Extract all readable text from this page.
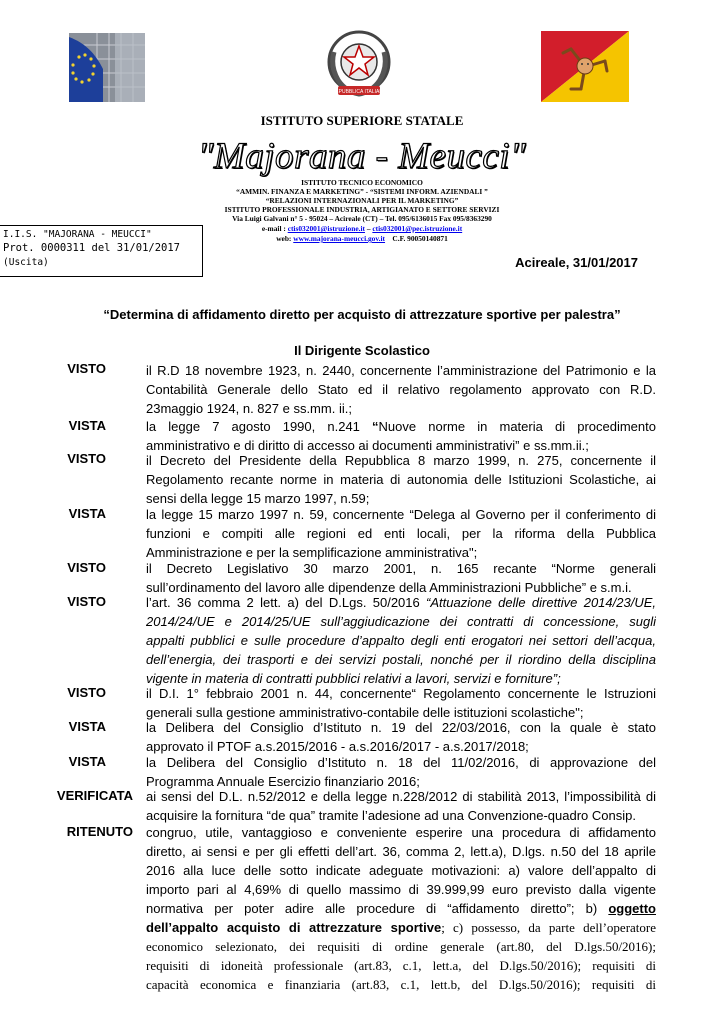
REPUBBLICA ITALIANA
ISTITUTO SUPERIORE STATALE
"Majorana - Meucci"
ISTITUTO TECNICO ECONOMICO
“AMMIN. FINANZA E MARKETING” - “SISTEMI INFORM. AZIENDALI ”
“RELAZIONI INTERNAZIONALI PER IL MARKETING”
ISTITUTO PROFESSIONALE INDUSTRIA, ARTIGIANATO E SETTORE SERVIZI
Via Luigi Galvani n° 5 - 95024 – Acireale (CT) – Tel. 095/6136015 Fax 095/8363290
e-mail : ctis032001@istruzione.it – ctis032001@pec.istruzione.it
web: www.majorana-meucci.gov.it C.F. 90050140871
I.I.S. "MAJORANA - MEUCCI"
Prot. 0000311 del 31/01/2017
(Uscita)	Acireale, 31/01/2017
“Determina di affidamento diretto per acquisto di attrezzature sportive per palestra”
Il Dirigente Scolastico
VISTO
VISTA
VISTO
VISTA
VISTO
VISTO
VISTO
VISTA
VISTA
VERIFICATA
RITENUTO
il R.D 18 novembre 1923, n. 2440, concernente l’amministrazione del Patrimonio e la
Contabilità Generale dello Stato ed il relativo regolamento approvato con R.D.
23maggio 1924, n. 827 e ss.mm. ii.;
la legge 7 agosto 1990, n.241 “Nuove norme in materia di procedimento
amministrativo e di diritto di accesso ai documenti amministrativi” e ss.mm.ii.;
il Decreto del Presidente della Repubblica 8 marzo 1999, n. 275, concernente il
Regolamento recante norme in materia di autonomia delle Istituzioni Scolastiche, ai
sensi della legge 15 marzo 1997, n.59;
la legge 15 marzo 1997 n. 59, concernente “Delega al Governo per il conferimento di
funzioni e compiti alle regioni ed enti locali, per la riforma della Pubblica
Amministrazione e per la semplificazione amministrativa";
il Decreto Legislativo 30 marzo 2001, n. 165 recante “Norme generali
sull’ordinamento del lavoro alle dipendenze della Amministrazioni Pubbliche” e s.m.i.
l’art. 36 comma 2 lett. a) del D.Lgs. 50/2016 “Attuazione delle direttive 2014/23/UE,
2014/24/UE e 2014/25/UE sull’aggiudicazione dei contratti di concessione, sugli
appalti pubblici e sulle procedure d’appalto degli enti erogatori nei settori dell’acqua,
dell’energia, dei trasporti e dei servizi postali, nonché per il riordino della disciplina
vigente in materia di contratti pubblici relativi a lavori, servizi e forniture”;
il D.I. 1° febbraio 2001 n. 44, concernente“ Regolamento concernente le Istruzioni
generali sulla gestione amministrativo-contabile delle istituzioni scolastiche";
la Delibera del Consiglio d’Istituto n. 19 del 22/03/2016, con la quale è stato
approvato il PTOF a.s.2015/2016 - a.s.2016/2017 - a.s.2017/2018;
la Delibera del Consiglio d’Istituto n. 18 del 11/02/2016, di approvazione del
Programma Annuale Esercizio finanziario 2016;
ai sensi del D.L. n.52/2012 e della legge n.228/2012 di stabilità 2013, l’impossibilità di
acquisire la fornitura “de qua” tramite l’adesione ad una Convenzione-quadro Consip.
congruo, utile, vantaggioso e conveniente esperire una procedura di affidamento
diretto, ai sensi e per gli effetti dell’art. 36, comma 2, lett.a), D.lgs. n.50 del 18 aprile
2016 alla luce delle sotto indicate adeguate motivazioni: a) valore dell’appalto di
importo pari al 4,69% di quello massimo di 39.999,99 euro previsto dalla vigente
normativa per poter adire alle procedure di “affidamento diretto”; b) oggetto
dell’appalto acquisto di attrezzature sportive; c) possesso, da parte dell’operatore
economico selezionato, dei requisiti di ordine generale (art.80, del D.lgs.50/2016);
requisiti di idoneità professionale (art.83, c.1, lett.a, del D.lgs.50/2016); requisiti di
capacità economica e finanziaria (art.83, c.1, lett.b, del D.lgs.50/2016); requisiti di
